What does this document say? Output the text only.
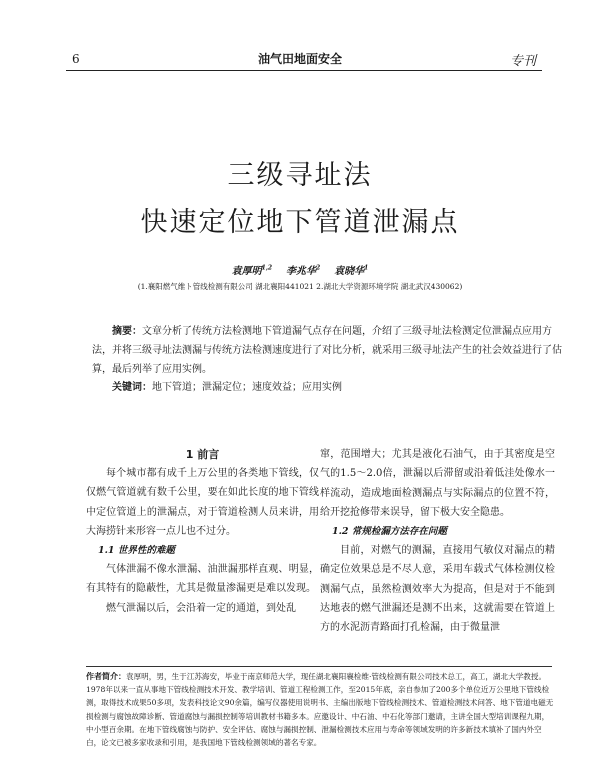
6	油气田地面安全	专刊
三级寻址法
快速定位地下管道泄漏点
袁厚明$^{1,2}$ 李兆华$^2$ 袁晓华$^1$
(1.襄阳燃气维ト管线检测有限公司 湖北襄阳441021 2.湖北大学资源环境学院 湖北武汉430062)
摘要：文章分析了传统方法检测地下管道漏气点存在问题，介绍了三级寻址法检测定位泄漏点应用方法，并将三级寻址法测漏与传统方法检测速度进行了对比分析，就采用三级寻址法产生的社会效益进行了估算，最后列举了应用实例。
关键词：地下管道；泄漏定位；速度效益；应用实例
1 前言

每个城市都有成千上万公里的各类地下管线，仅仅燃气管道就有数千公里，要在如此长度的地下管线中定位管道上的泄漏点，对于管道检测人员来讲，用大海捞针来形容一点儿也不过分。

1.1 世界性的难题

气体泄漏不像水泄漏、油泄漏那样直观、明显，有其特有的隐蔽性，尤其是微量渗漏更是难以发现。

燃气泄漏以后，会沿着一定的通道，到处乱

窜，范围增大；尤其是液化石油气，由于其密度是空气的1.5～2.0倍，泄漏以后滞留或沿着低洼处像水一样流动，造成地面检测漏点与实际漏点的位置不符，给开挖抢修带来误导，留下极大安全隐患。

1.2 常规检漏方法存在问题

目前，对燃气的测漏，直接用气敏仪对漏点的精确定位效果总是不尽人意，采用车载式气体检测仪检测漏气点，虽然检测效率大为提高，但是对于不能到达地表的燃气泄漏还是测不出来，这就需要在管道上方的水泥沥青路面打孔检漏，由于微量泄

作者简介：袁厚明，男，生于江苏海安，毕业于南京师范大学，现任湖北襄阳襄检维·管线检测有限公司技术总工，高工，湖北大学教授。1978年以来一直从事地下管线检测技术开发、教学培训、管道工程检测工作，至2015年底，亲自参加了200多个单位近万公里地下管线检测，取得技术成果50多项，发表科技论文90余篇，编写仪器使用说明书、主编出版地下管线检测技术、管道检测技术问答、地下管道电磁无损检测与腐蚀故障诊断、管道腐蚀与漏损控制等培训教材书籍多本。应邀设计、中石油、中石化等部门邀请，主讲全国大型培训课程九期，中小型百余期。在地下管线腐蚀与防护、安全评估、腐蚀与漏损控制、泄漏检测技术应用与寿命等领域发明的许多新技术填补了国内外空白，论文已被多家收录和引用，是我国地下管线检测领域的著名专家。
